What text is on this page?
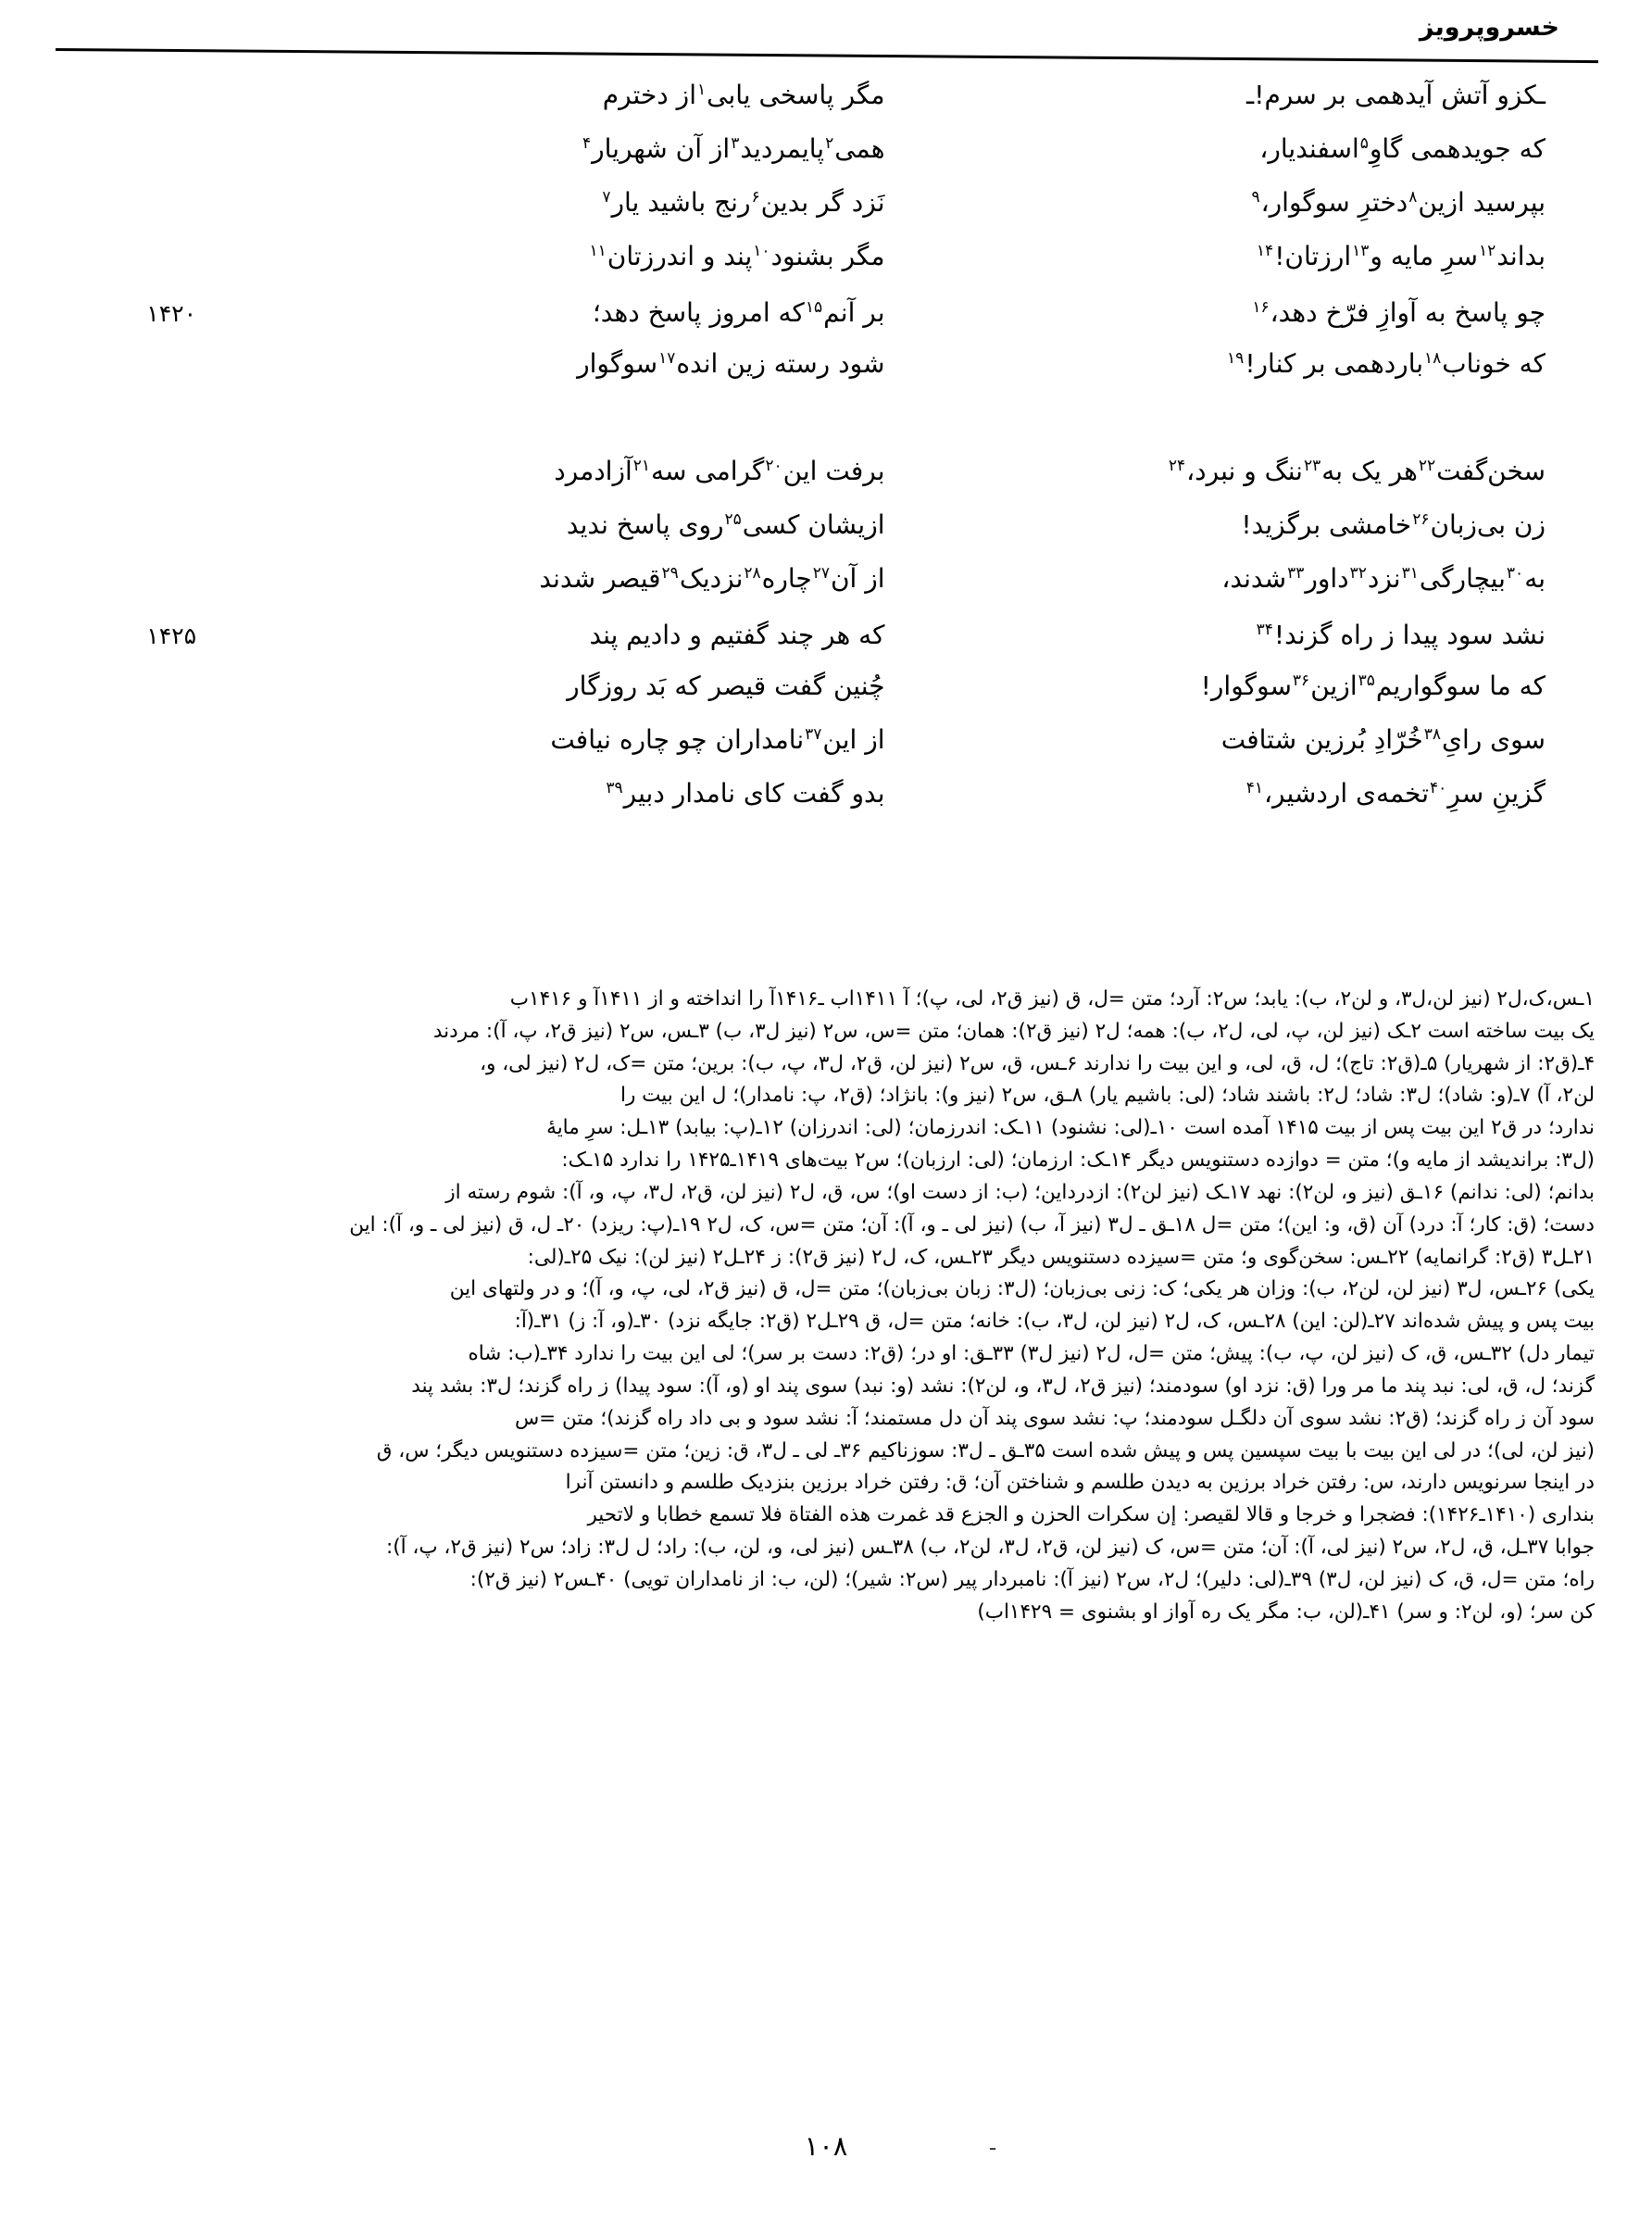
خسروپرویز
ـکزو آتش آیدهمی بر سرم!ـ
مگر پاسخی یابی$^۱$از دخترم
که جویدهمی گاوِ$^۵$اسفندیار،
همی$^۲$پایمردید$^۳$از آن شهریار$^۴$
بپرسید ازین$^۸$دخترِ سوگوار،$^۹$
نَزد گر بدین$^۶$رنج باشید یار$^۷$
بداند$^{۱۲}$سرِ مایه و$^{۱۳}$ارزتان!$^{۱۴}$
مگر بشنود$^{۱۰}$پند و اندرزتان$^{۱۱}$
چو پاسخ به آوازِ فرّخ دهد،$^{۱۶}$
بر آنم$^{۱۵}$که امروز پاسخ دهد؛
۱۴۲۰
که خوناب$^{۱۸}$باردهمی بر کنار!$^{۱۹}$
شود رسته زین انده$^{۱۷}$سوگوار
سخن‌گفت$^{۲۲}$هر یک به$^{۲۳}$ننگ و نبرد،$^{۲۴}$
برفت این$^{۲۰}$گرامی سه$^{۲۱}$آزادمرد
زن بی‌زبان$^{۲۶}$خامشی برگزید!
ازیشان کسی$^{۲۵}$روی پاسخ ندید
به$^{۳۰}$بیچارگی$^{۳۱}$نزد$^{۳۲}$داور$^{۳۳}$شدند،
از آن$^{۲۷}$چاره$^{۲۸}$نزدیک$^{۲۹}$قیصر شدند
نشد سود پیدا ز راه گزند!$^{۳۴}$
که هر چند گفتیم و دادیم پند
۱۴۲۵
که ما سوگواریم$^{۳۵}$ازین$^{۳۶}$سوگوار!
چُنین گفت قیصر که بَد روزگار
سوی رایِ$^{۳۸}$خُرّادِ بُرزین شتافت
از این$^{۳۷}$نامداران چو چاره نیافت
گزینِ سرِ$^{۴۰}$تخمه‌ی اردشیر،$^{۴۱}$
بدو گفت کای نامدار دبیر$^{۳۹}$

۱ـس،ک،ل۲ (نیز لن،ل۳، و لن۲، ب): یابد؛ س۲: آرد؛ متن =ل، ق (نیز ق۲، لی، پ)؛ آ ۱۴۱۱اب ـ۱۴۱۶آ را انداخته و از ۱۴۱۱آ و ۱۴۱۶ب
یک بیت ساخته است ۲ـک (نیز لن، پ، لی، ل۲، ب): همه؛ ل۲ (نیز ق۲): همان؛ متن =س، س۲ (نیز ل۳، ب) ۳ـس، س۲ (نیز ق۲، پ، آ): مردند
۴ـ(ق۲: از شهریار) ۵ـ(ق۲: تاج)؛ ل، ق، لی، و این بیت را ندارند ۶ـس، ق، س۲ (نیز لن، ق۲، ل۳، پ، ب): برین؛ متن =ک، ل۲ (نیز لی، و،
لن۲، آ) ۷ـ(و: شاد)؛ ل۳: شاد؛ ل۲: باشند شاد؛ (لی: باشیم یار) ۸ـق، س۲ (نیز و): بانژاد؛ (ق۲، پ: نامدار)؛ ل این بیت را
ندارد؛ در ق۲ این بیت پس از بیت ۱۴۱۵ آمده است ۱۰ـ(لی: نشنود) ۱۱ـک: اندرزمان؛ (لی: اندرزان) ۱۲ـ(پ: بیابد) ۱۳ـل: سرِ مایهٔ
(ل۳: برانديشد از مايه و)؛ متن = دوازده دستنویس دیگر ۱۴ـک: ارزمان؛ (لی: ارزبان)؛ س۲ بیت‌های ۱۴۱۹ـ۱۴۲۵ را ندارد ۱۵ـک:
بدانم؛ (لی: ندانم) ۱۶ـق (نیز و، لن۲): نهد ۱۷ـک (نیز لن۲): ازدرداین؛ (ب: از دست او)؛ س، ق، ل۲ (نیز لن، ق۲، ل۳، پ، و، آ): شوم رسته از
دست؛ (ق: کار؛ آ: درد) آن (ق، و: این)؛ متن =ل ۱۸ـق ـ ل۳ (نیز آ، ب) (نیز لی ـ و، آ): آن؛ متن =س، ک، ل۲ ۱۹ـ(پ: ریزد) ۲۰ـ ل، ق (نیز لی ـ و، آ): این
۲۱ـل۳ (ق۲: گرانمایه) ۲۲ـس: سخن‌گوی و؛ متن =سیزده دستنویس دیگر ۲۳ـس، ک، ل۲ (نیز ق۲): ز ۲۴ـل۲ (نیز لن): نیک ۲۵ـ(لی:
یکی) ۲۶ـس، ل۳ (نیز لن، لن۲، ب): وزان هر یکی؛ ک: زنی بی‌زبان؛ (ل۳: زبان بی‌زبان)؛ متن =ل، ق (نیز ق۲، لی، پ، و، آ)؛ و در ولتهای این
بیت پس و پیش شده‌اند ۲۷ـ(لن: این) ۲۸ـس، ک، ل۲ (نیز لن، ل۳، ب): خانه؛ متن =ل، ق ۲۹ـل۲ (ق۲: جایگه نزد) ۳۰ـ(و، آ: ز) ۳۱ـ(آ:
تیمار دل) ۳۲ـس، ق، ک (نیز لن، پ، ب): پیش؛ متن =ل، ل۲ (نیز ل۳) ۳۳ـق: او در؛ (ق۲: دست بر سر)؛ لی این بیت را ندارد ۳۴ـ(ب: شاه
گزند؛ ل، ق، لی: نبد پند ما مر ورا (ق: نزد او) سودمند؛ (نیز ق۲، ل۳، و، لن۲): نشد (و: نبد) سوی پند او (و، آ): سود پیدا) ز راه گزند؛ ل۳: بشد پند
سود آن ز راه گزند؛ (ق۲: نشد سوی آن دلگـل سودمند؛ پ: نشد سوی پند آن دل مستمند؛ آ: نشد سود و بی داد راه گزند)؛ متن =س
(نیز لن، لی)؛ در لی این بیت با بیت سپسین پس و پیش شده است ۳۵ـق ـ ل۳: سوزناکیم ۳۶ـ لی ـ ل۳، ق: زین؛ متن =سیزده دستنویس دیگر؛ س، ق
در اینجا سرنویس دارند، س: رفتن خراد برزین به دیدن طلسم و شناختن آن؛ ق: رفتن خراد برزین بنزدیک طلسم و دانستن آنرا
بنداری (۱۴۱۰ـ۱۴۲۶): فضجرا و خرجا و قالا لقیصر: إن سکرات الحزن و الجزع قد غمرت هذه الفتاة فلا تسمع خطابا و لاتحیر
جوابا ۳۷ـل، ق، ل۲، س۲ (نیز لی، آ): آن؛ متن =س، ک (نیز لن، ق۲، ل۳، لن۲، ب) ۳۸ـس (نیز لی، و، لن، ب): راد؛ ل ل۳: زاد؛ س۲ (نیز ق۲، پ، آ):
راه؛ متن =ل، ق، ک (نیز لن، ل۳) ۳۹ـ(لی: دلیر)؛ ل۲، س۲ (نیز آ): نامبردار پیر (س۲: شیر)؛ (لن، ب: از نامداران تویی) ۴۰ـس۲ (نیز ق۲):
کن سر؛ (و، لن۲: و سر) ۴۱ـ(لن، ب: مگر یک ره آواز او بشنوی = ۱۴۲۹اب)

ـ
۱۰۸
